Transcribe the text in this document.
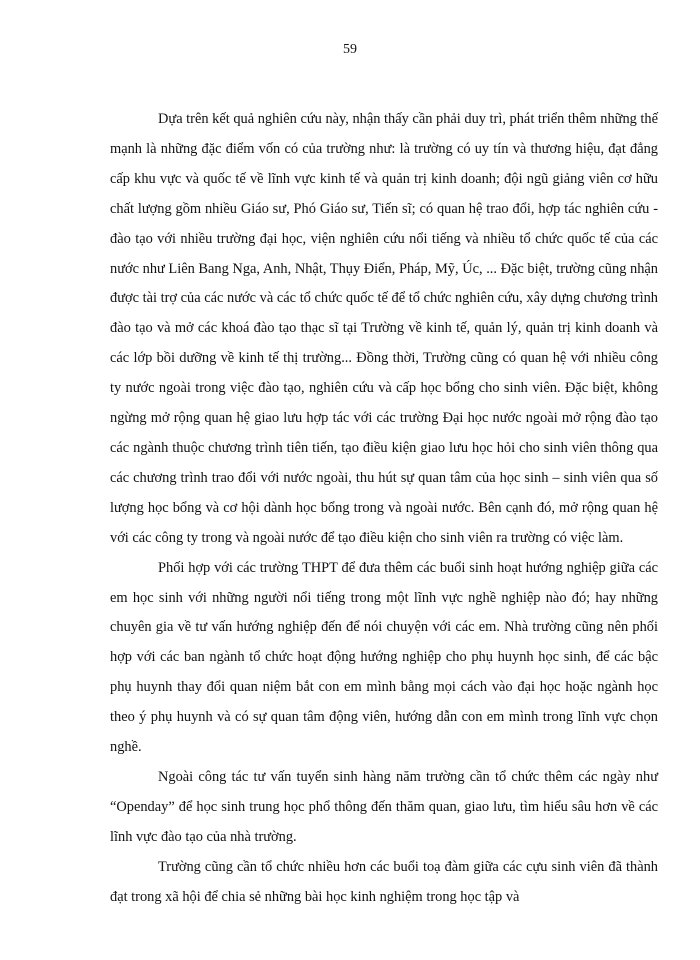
59

Dựa trên kết quả nghiên cứu này, nhận thấy cần phải duy trì, phát triển thêm những thế mạnh là những đặc điểm vốn có của trường như: là trường có uy tín và thương hiệu, đạt đẳng cấp khu vực và quốc tế về lĩnh vực kinh tế và quản trị kinh doanh; đội ngũ giảng viên cơ hữu chất lượng gồm nhiều Giáo sư, Phó Giáo sư, Tiến sĩ; có quan hệ trao đổi, hợp tác nghiên cứu - đào tạo với nhiều trường đại học, viện nghiên cứu nổi tiếng và nhiều tổ chức quốc tế của các nước như Liên Bang Nga, Anh, Nhật, Thụy Điển, Pháp, Mỹ, Úc, ... Đặc biệt, trường cũng nhận được tài trợ của các nước và các tổ chức quốc tế để tổ chức nghiên cứu, xây dựng chương trình đào tạo và mở các khoá đào tạo thạc sĩ tại Trường về kinh tế, quản lý, quản trị kinh doanh và các lớp bồi dưỡng về kinh tế thị trường... Đồng thời, Trường cũng có quan hệ với nhiều công ty nước ngoài trong việc đào tạo, nghiên cứu và cấp học bổng cho sinh viên. Đặc biệt, không ngừng mở rộng quan hệ giao lưu hợp tác với các trường Đại học nước ngoài mở rộng đào tạo các ngành thuộc chương trình tiên tiến, tạo điều kiện giao lưu học hỏi cho sinh viên thông qua các chương trình trao đổi với nước ngoài, thu hút sự quan tâm của học sinh – sinh viên qua số lượng học bổng và cơ hội dành học bổng trong và ngoài nước. Bên cạnh đó, mở rộng quan hệ với các công ty trong và ngoài nước để tạo điều kiện cho sinh viên ra trường có việc làm.

Phối hợp với các trường THPT để đưa thêm các buổi sinh hoạt hướng nghiệp giữa các em học sinh với những người nổi tiếng trong một lĩnh vực nghề nghiệp nào đó; hay những chuyên gia về tư vấn hướng nghiệp đến để nói chuyện với các em. Nhà trường cũng nên phối hợp với các ban ngành tổ chức hoạt động hướng nghiệp cho phụ huynh học sinh, để các bậc phụ huynh thay đổi quan niệm bắt con em mình bằng mọi cách vào đại học hoặc ngành học theo ý phụ huynh và có sự quan tâm động viên, hướng dẫn con em mình trong lĩnh vực chọn nghề.

Ngoài công tác tư vấn tuyển sinh hàng năm trường cần tổ chức thêm các ngày như “Openday” để học sinh trung học phổ thông đến thăm quan, giao lưu, tìm hiểu sâu hơn về các lĩnh vực đào tạo của nhà trường.

Trường cũng cần tổ chức nhiều hơn các buổi toạ đàm giữa các cựu sinh viên đã thành đạt trong xã hội để chia sẻ những bài học kinh nghiệm trong học tập và
